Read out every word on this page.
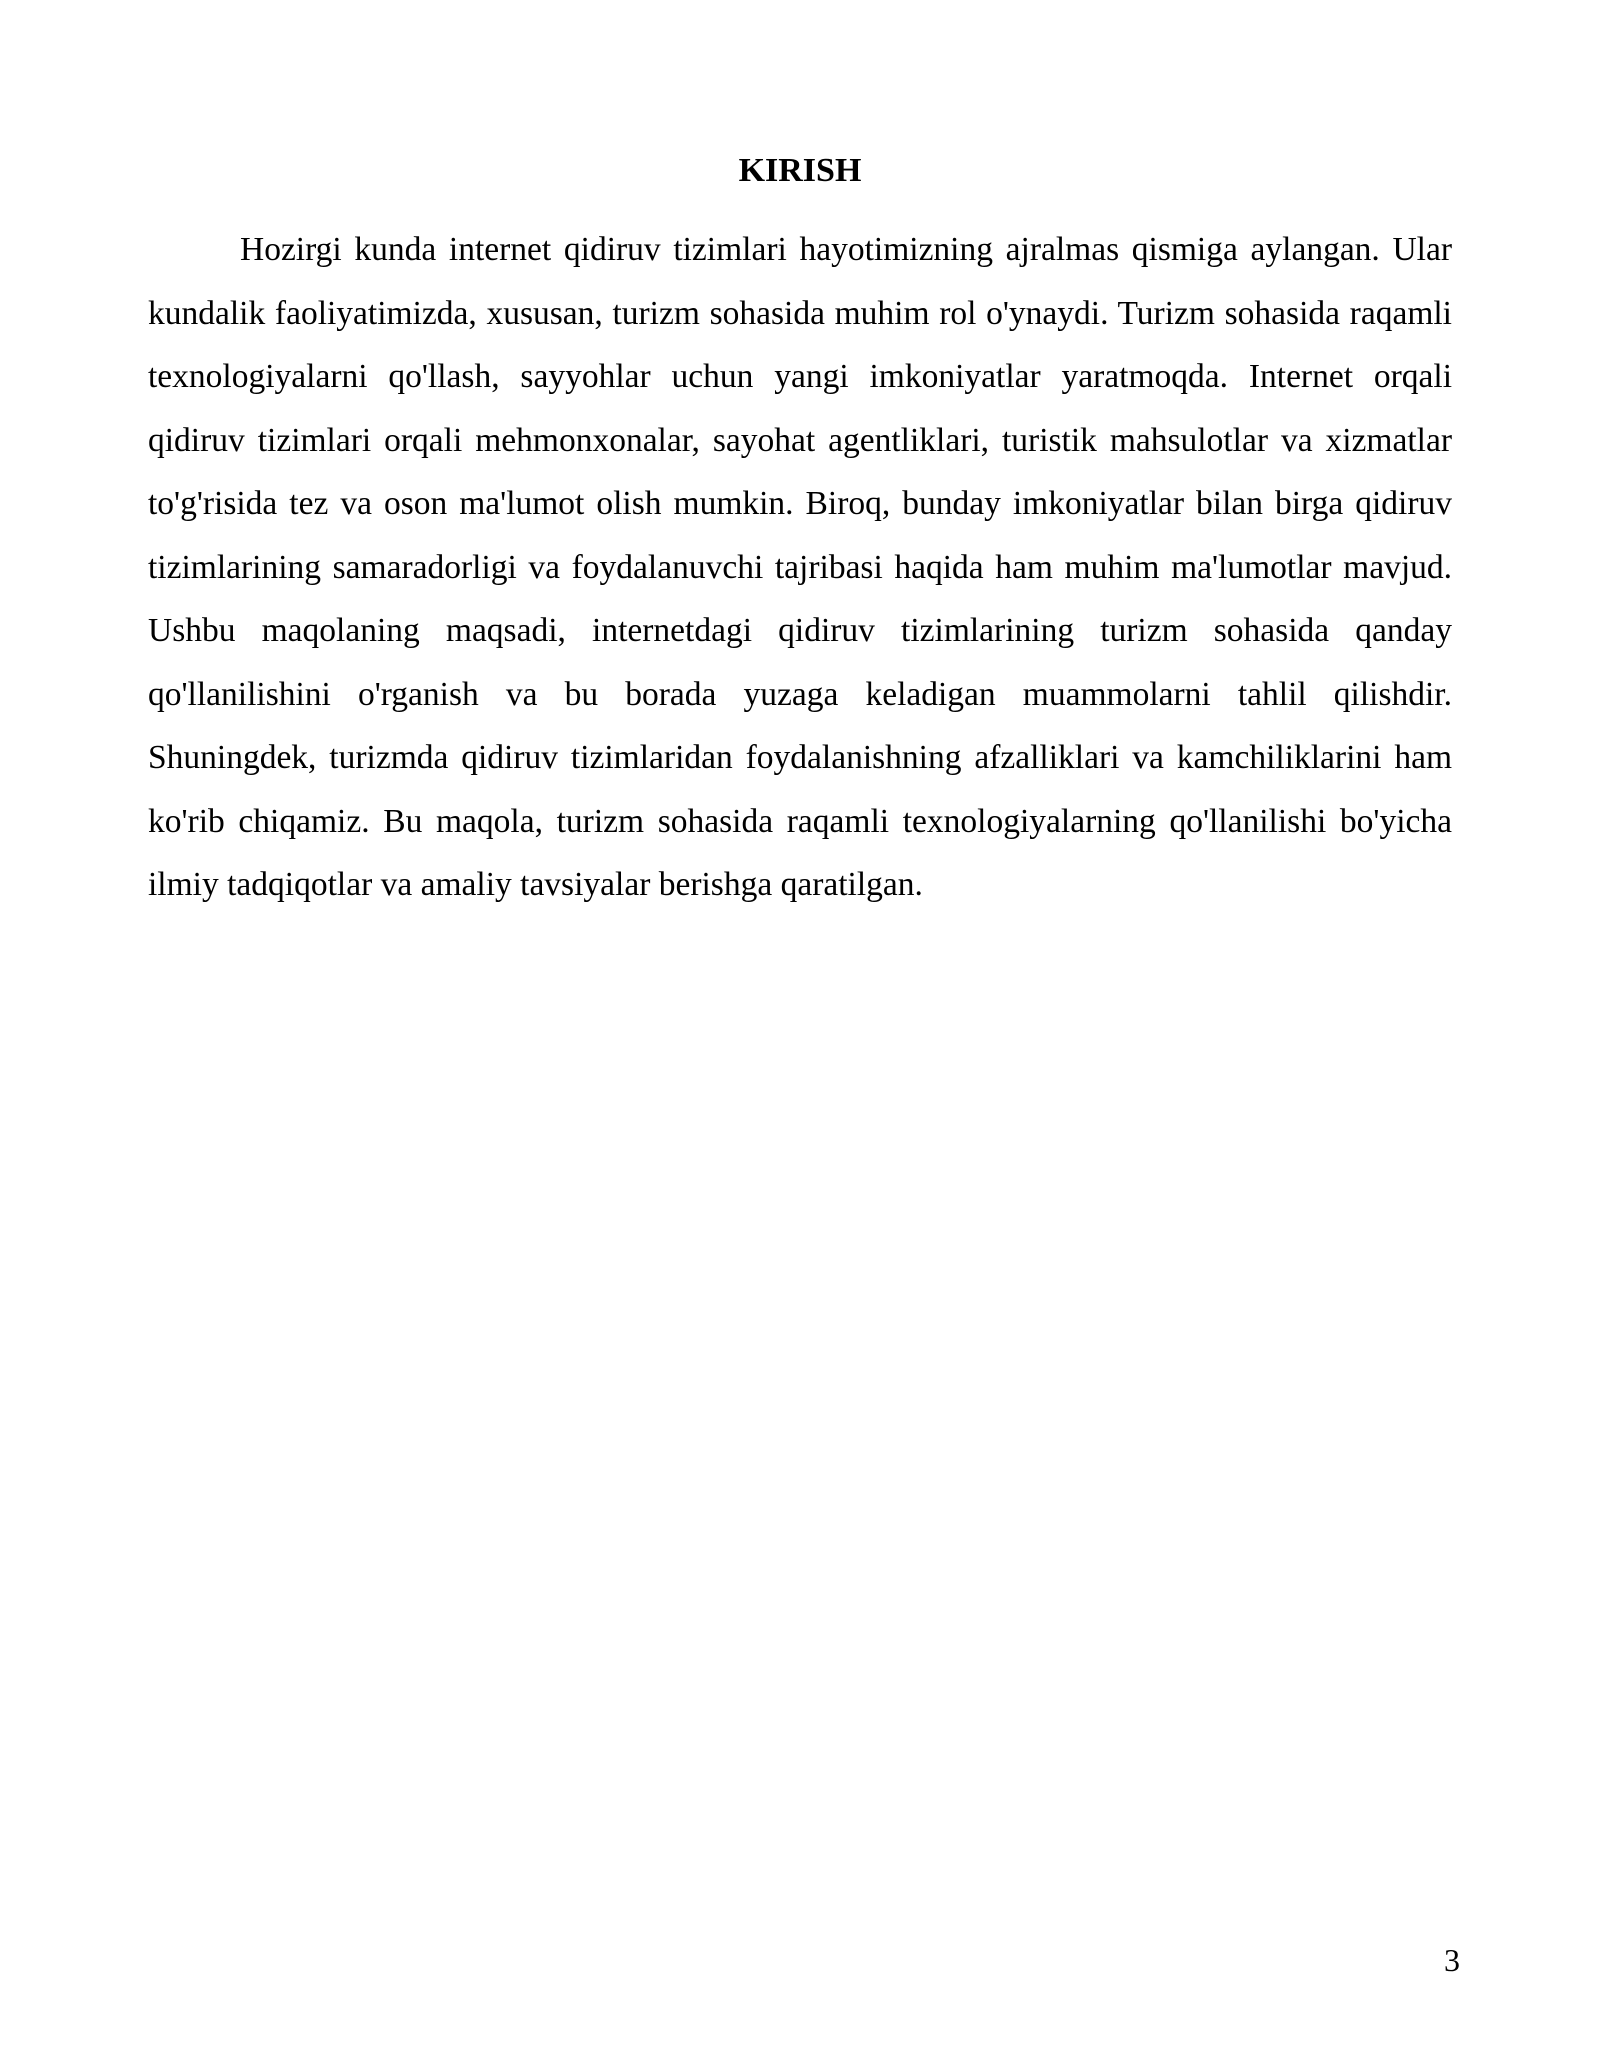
KIRISH

Hozirgi kunda internet qidiruv tizimlari hayotimizning ajralmas qismiga aylangan. Ular kundalik faoliyatimizda, xususan, turizm sohasida muhim rol o'ynaydi. Turizm sohasida raqamli texnologiyalarni qo'llash, sayyohlar uchun yangi imkoniyatlar yaratmoqda. Internet orqali qidiruv tizimlari orqali mehmonxonalar, sayohat agentliklari, turistik mahsulotlar va xizmatlar to'g'risida tez va oson ma'lumot olish mumkin. Biroq, bunday imkoniyatlar bilan birga qidiruv tizimlarining samaradorligi va foydalanuvchi tajribasi haqida ham muhim ma'lumotlar mavjud. Ushbu maqolaning maqsadi, internetdagi qidiruv tizimlarining turizm sohasida qanday qo'llanilishini o'rganish va bu borada yuzaga keladigan muammolarni tahlil qilishdir. Shuningdek, turizmda qidiruv tizimlaridan foydalanishning afzalliklari va kamchiliklarini ham ko'rib chiqamiz. Bu maqola, turizm sohasida raqamli texnologiyalarning qo'llanilishi bo'yicha ilmiy tadqiqotlar va amaliy tavsiyalar berishga qaratilgan.

3
